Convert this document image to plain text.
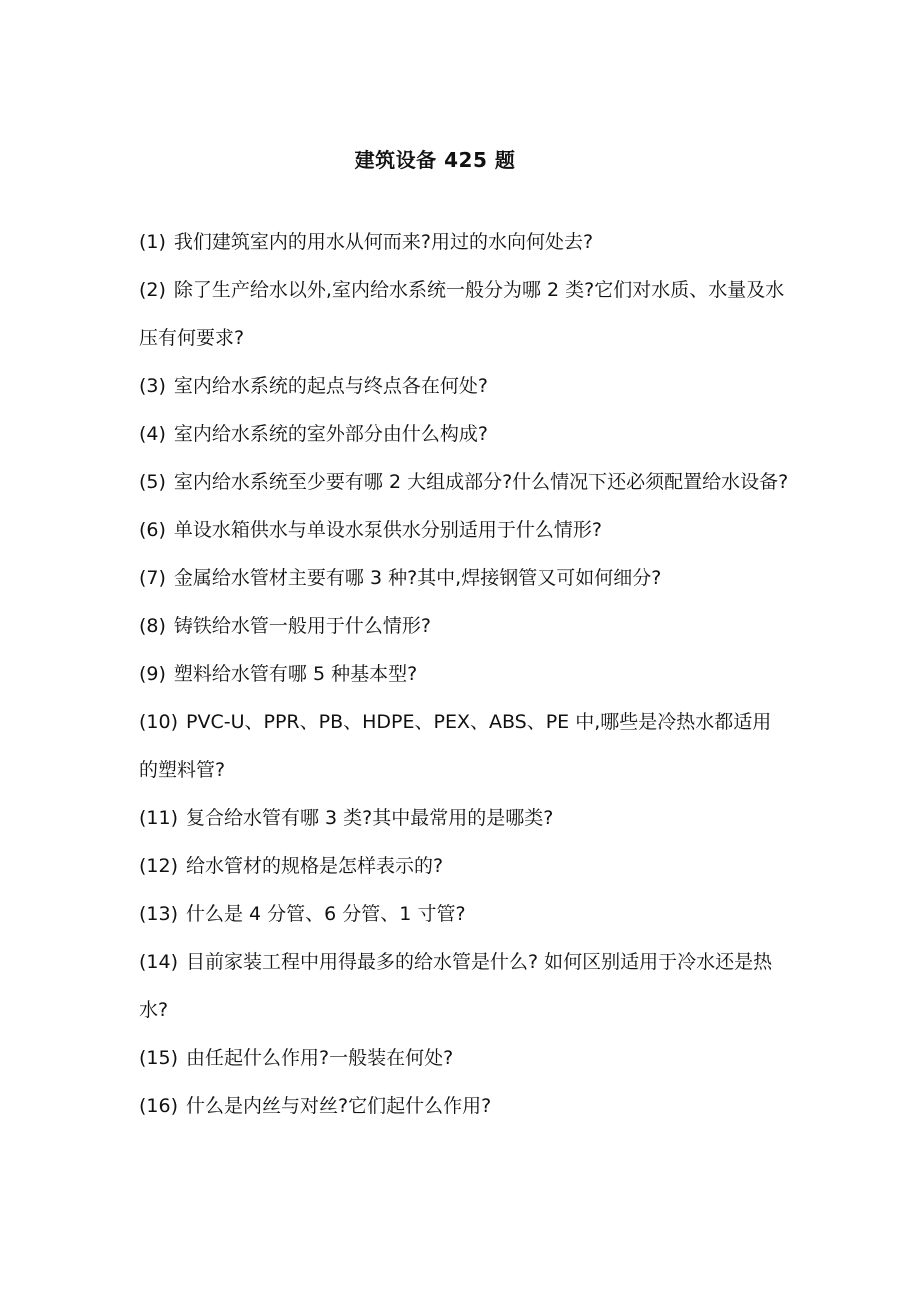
建筑设备 425 题
(1) 我们建筑室内的用水从何而来?用过的水向何处去?
(2) 除了生产给水以外,室内给水系统一般分为哪 2 类?它们对水质、水量及水压有何要求?
(3) 室内给水系统的起点与终点各在何处?
(4) 室内给水系统的室外部分由什么构成?
(5) 室内给水系统至少要有哪 2 大组成部分?什么情况下还必须配置给水设备?
(6) 单设水箱供水与单设水泵供水分别适用于什么情形?
(7) 金属给水管材主要有哪 3 种?其中,焊接钢管又可如何细分?
(8) 铸铁给水管一般用于什么情形?
(9) 塑料给水管有哪 5 种基本型?
(10) PVC-U、PPR、PB、HDPE、PEX、ABS、PE 中,哪些是冷热水都适用的塑料管?
(11) 复合给水管有哪 3 类?其中最常用的是哪类?
(12) 给水管材的规格是怎样表示的?
(13) 什么是 4 分管、6 分管、1 寸管?
(14) 目前家装工程中用得最多的给水管是什么? 如何区别适用于冷水还是热水?
(15) 由任起什么作用?一般装在何处?
(16) 什么是内丝与对丝?它们起什么作用?
